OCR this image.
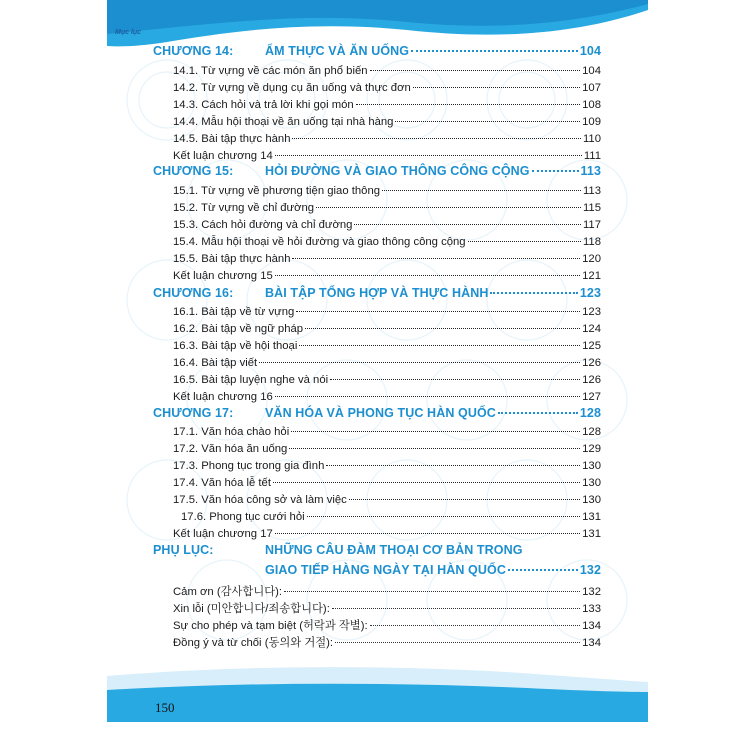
Mục lục
CHƯƠNG 14:	ẨM THỰC VÀ ĂN UỐNG	104
14.1. Từ vựng về các món ăn phổ biến	104
14.2. Từ vựng về dụng cụ ăn uống và thực đơn	107
14.3. Cách hỏi và trả lời khi gọi món	108
14.4. Mẫu hội thoại về ăn uống tại nhà hàng	109
14.5. Bài tập thực hành	110
Kết luận chương 14	111
CHƯƠNG 15:	HỎI ĐƯỜNG VÀ GIAO THÔNG CÔNG CỘNG	113
15.1. Từ vựng về phương tiện giao thông	113
15.2. Từ vựng về chỉ đường	115
15.3. Cách hỏi đường và chỉ đường	117
15.4. Mẫu hội thoại về hỏi đường và giao thông công cộng	118
15.5. Bài tập thực hành	120
Kết luận chương 15	121
CHƯƠNG 16:	BÀI TẬP TỔNG HỢP VÀ THỰC HÀNH	123
16.1. Bài tập về từ vựng	123
16.2. Bài tập về ngữ pháp	124
16.3. Bài tập về hội thoại	125
16.4. Bài tập viết	126
16.5. Bài tập luyện nghe và nói	126
Kết luận chương 16	127
CHƯƠNG 17:	VĂN HÓA VÀ PHONG TỤC HÀN QUỐC	128
17.1. Văn hóa chào hỏi	128
17.2. Văn hóa ăn uống	129
17.3. Phong tục trong gia đình	130
17.4. Văn hóa lễ tết	130
17.5. Văn hóa công sở và làm việc	130
17.6. Phong tục cưới hỏi	131
Kết luận chương 17	131
PHỤ LỤC:	NHỮNG CÂU ĐÀM THOẠI CƠ BẢN TRONG
GIAO TIẾP HÀNG NGÀY TẠI HÀN QUỐC	132
Cảm ơn (감사합니다):	132
Xin lỗi (미안합니다/죄송합니다):	133
Sự cho phép và tạm biệt (허락과 작별):	134
Đồng ý và từ chối (동의와 거절):	134
150
